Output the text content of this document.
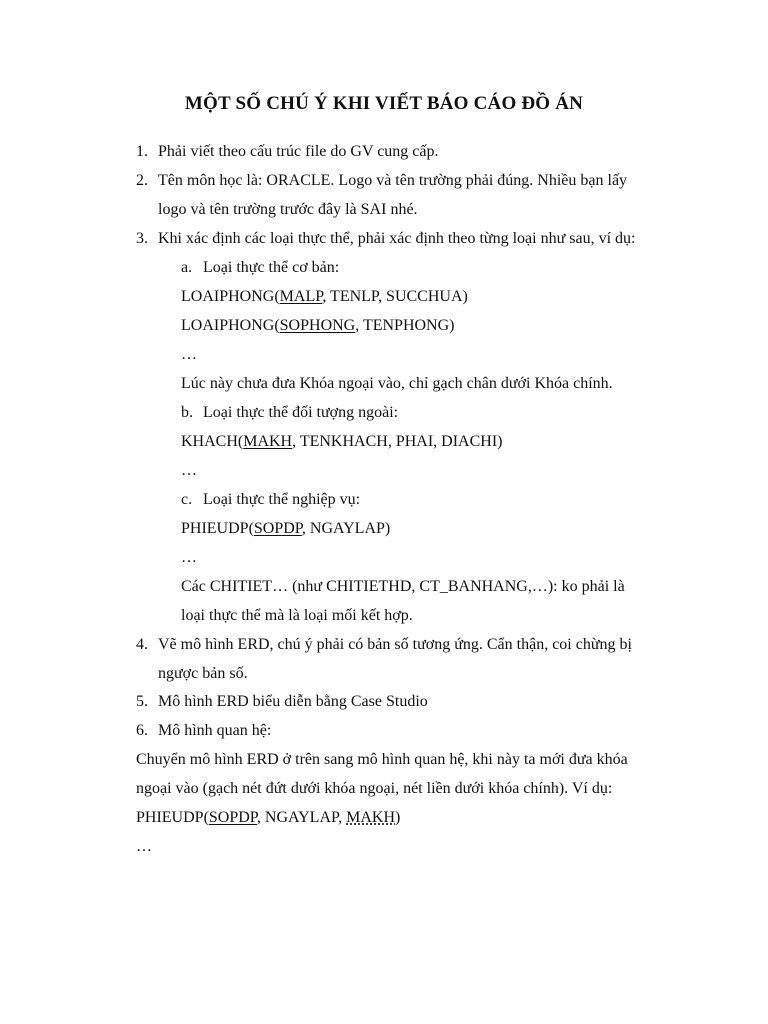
MỘT SỐ CHÚ Ý KHI VIẾT BÁO CÁO ĐỒ ÁN
1. Phải viết theo cấu trúc file do GV cung cấp.
2. Tên môn học là: ORACLE. Logo và tên trường phải đúng. Nhiều bạn lấy
logo và tên trường trước đây là SAI nhé.
3. Khi xác định các loại thực thể, phải xác định theo từng loại như sau, ví dụ:
a. Loại thực thể cơ bản:
LOAIPHONG(MALP, TENLP, SUCCHUA)
LOAIPHONG(SOPHONG, TENPHONG)
…
Lúc này chưa đưa Khóa ngoại vào, chỉ gạch chân dưới Khóa chính.
b. Loại thực thể đối tượng ngoài:
KHACH(MAKH, TENKHACH, PHAI, DIACHI)
…
c. Loại thực thể nghiệp vụ:
PHIEUDP(SOPDP, NGAYLAP)
…
Các CHITIET… (như CHITIETHD, CT_BANHANG,…): ko phải là
loại thực thể mà là loại mối kết hợp.
4. Vẽ mô hình ERD, chú ý phải có bản số tương ứng. Cẩn thận, coi chừng bị
ngược bản số.
5. Mô hình ERD biểu diễn bằng Case Studio
6. Mô hình quan hệ:
Chuyển mô hình ERD ở trên sang mô hình quan hệ, khi này ta mới đưa khóa
ngoại vào (gạch nét đứt dưới khóa ngoại, nét liền dưới khóa chính). Ví dụ:
PHIEUDP(SOPDP, NGAYLAP, MAKH)
…
